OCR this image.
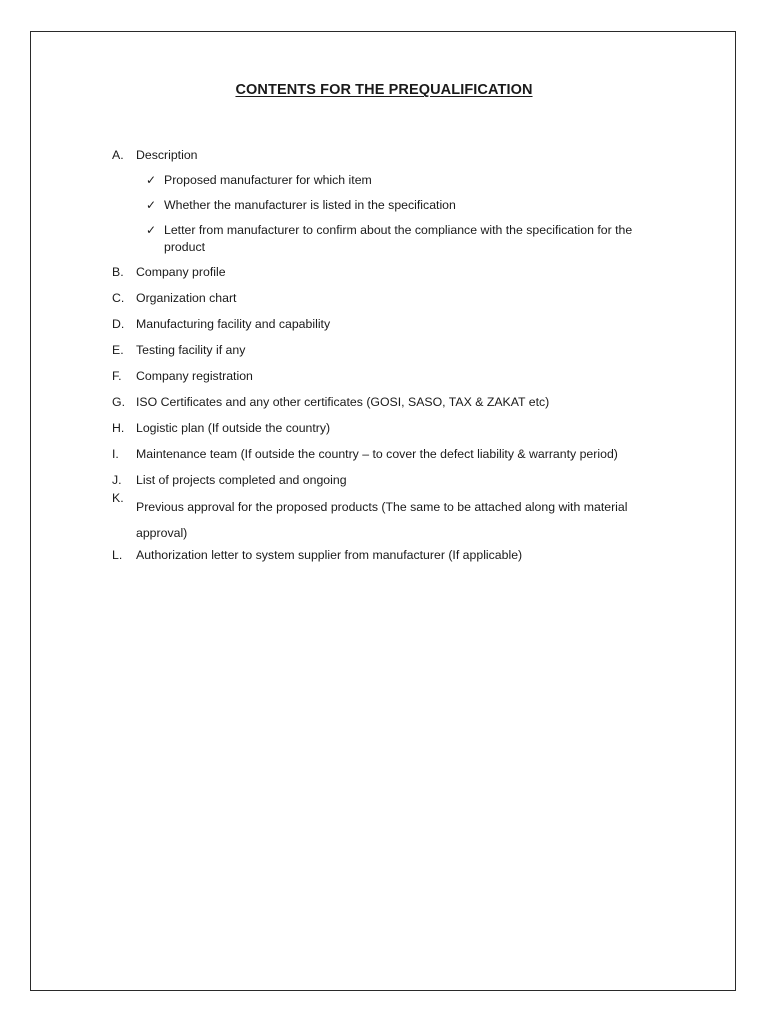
CONTENTS FOR THE PREQUALIFICATION
A. Description
✓ Proposed manufacturer for which item
✓ Whether the manufacturer is listed in the specification
✓ Letter from manufacturer to confirm about the compliance with the specification for the product
B. Company profile
C. Organization chart
D. Manufacturing facility and capability
E. Testing facility if any
F. Company registration
G. ISO Certificates and any other certificates (GOSI, SASO, TAX & ZAKAT etc)
H. Logistic plan (If outside the country)
I. Maintenance team (If outside the country – to cover the defect liability & warranty period)
J. List of projects completed and ongoing
K.
Previous approval for the proposed products (The same to be attached along with material approval)
L. Authorization letter to system supplier from manufacturer (If applicable)
